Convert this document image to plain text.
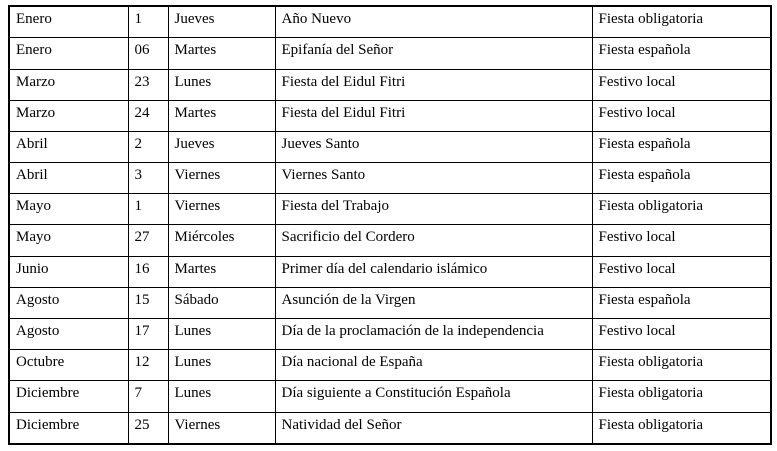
Enero	1	Jueves	Año Nuevo	Fiesta obligatoria
Enero	06	Martes	Epifanía del Señor	Fiesta española
Marzo	23	Lunes	Fiesta del Eidul Fitri	Festivo local
Marzo	24	Martes	Fiesta del Eidul Fitri	Festivo local
Abril	2	Jueves	Jueves Santo	Fiesta española
Abril	3	Viernes	Viernes Santo	Fiesta española
Mayo	1	Viernes	Fiesta del Trabajo	Fiesta obligatoria
Mayo	27	Miércoles	Sacrificio del Cordero	Festivo local
Junio	16	Martes	Primer día del calendario islámico	Festivo local
Agosto	15	Sábado	Asunción de la Virgen	Fiesta española
Agosto	17	Lunes	Día de la proclamación de la independencia	Festivo local
Octubre	12	Lunes	Día nacional de España	Fiesta obligatoria
Diciembre	7	Lunes	Día siguiente a Constitución Española	Fiesta obligatoria
Diciembre	25	Viernes	Natividad del Señor	Fiesta obligatoria
